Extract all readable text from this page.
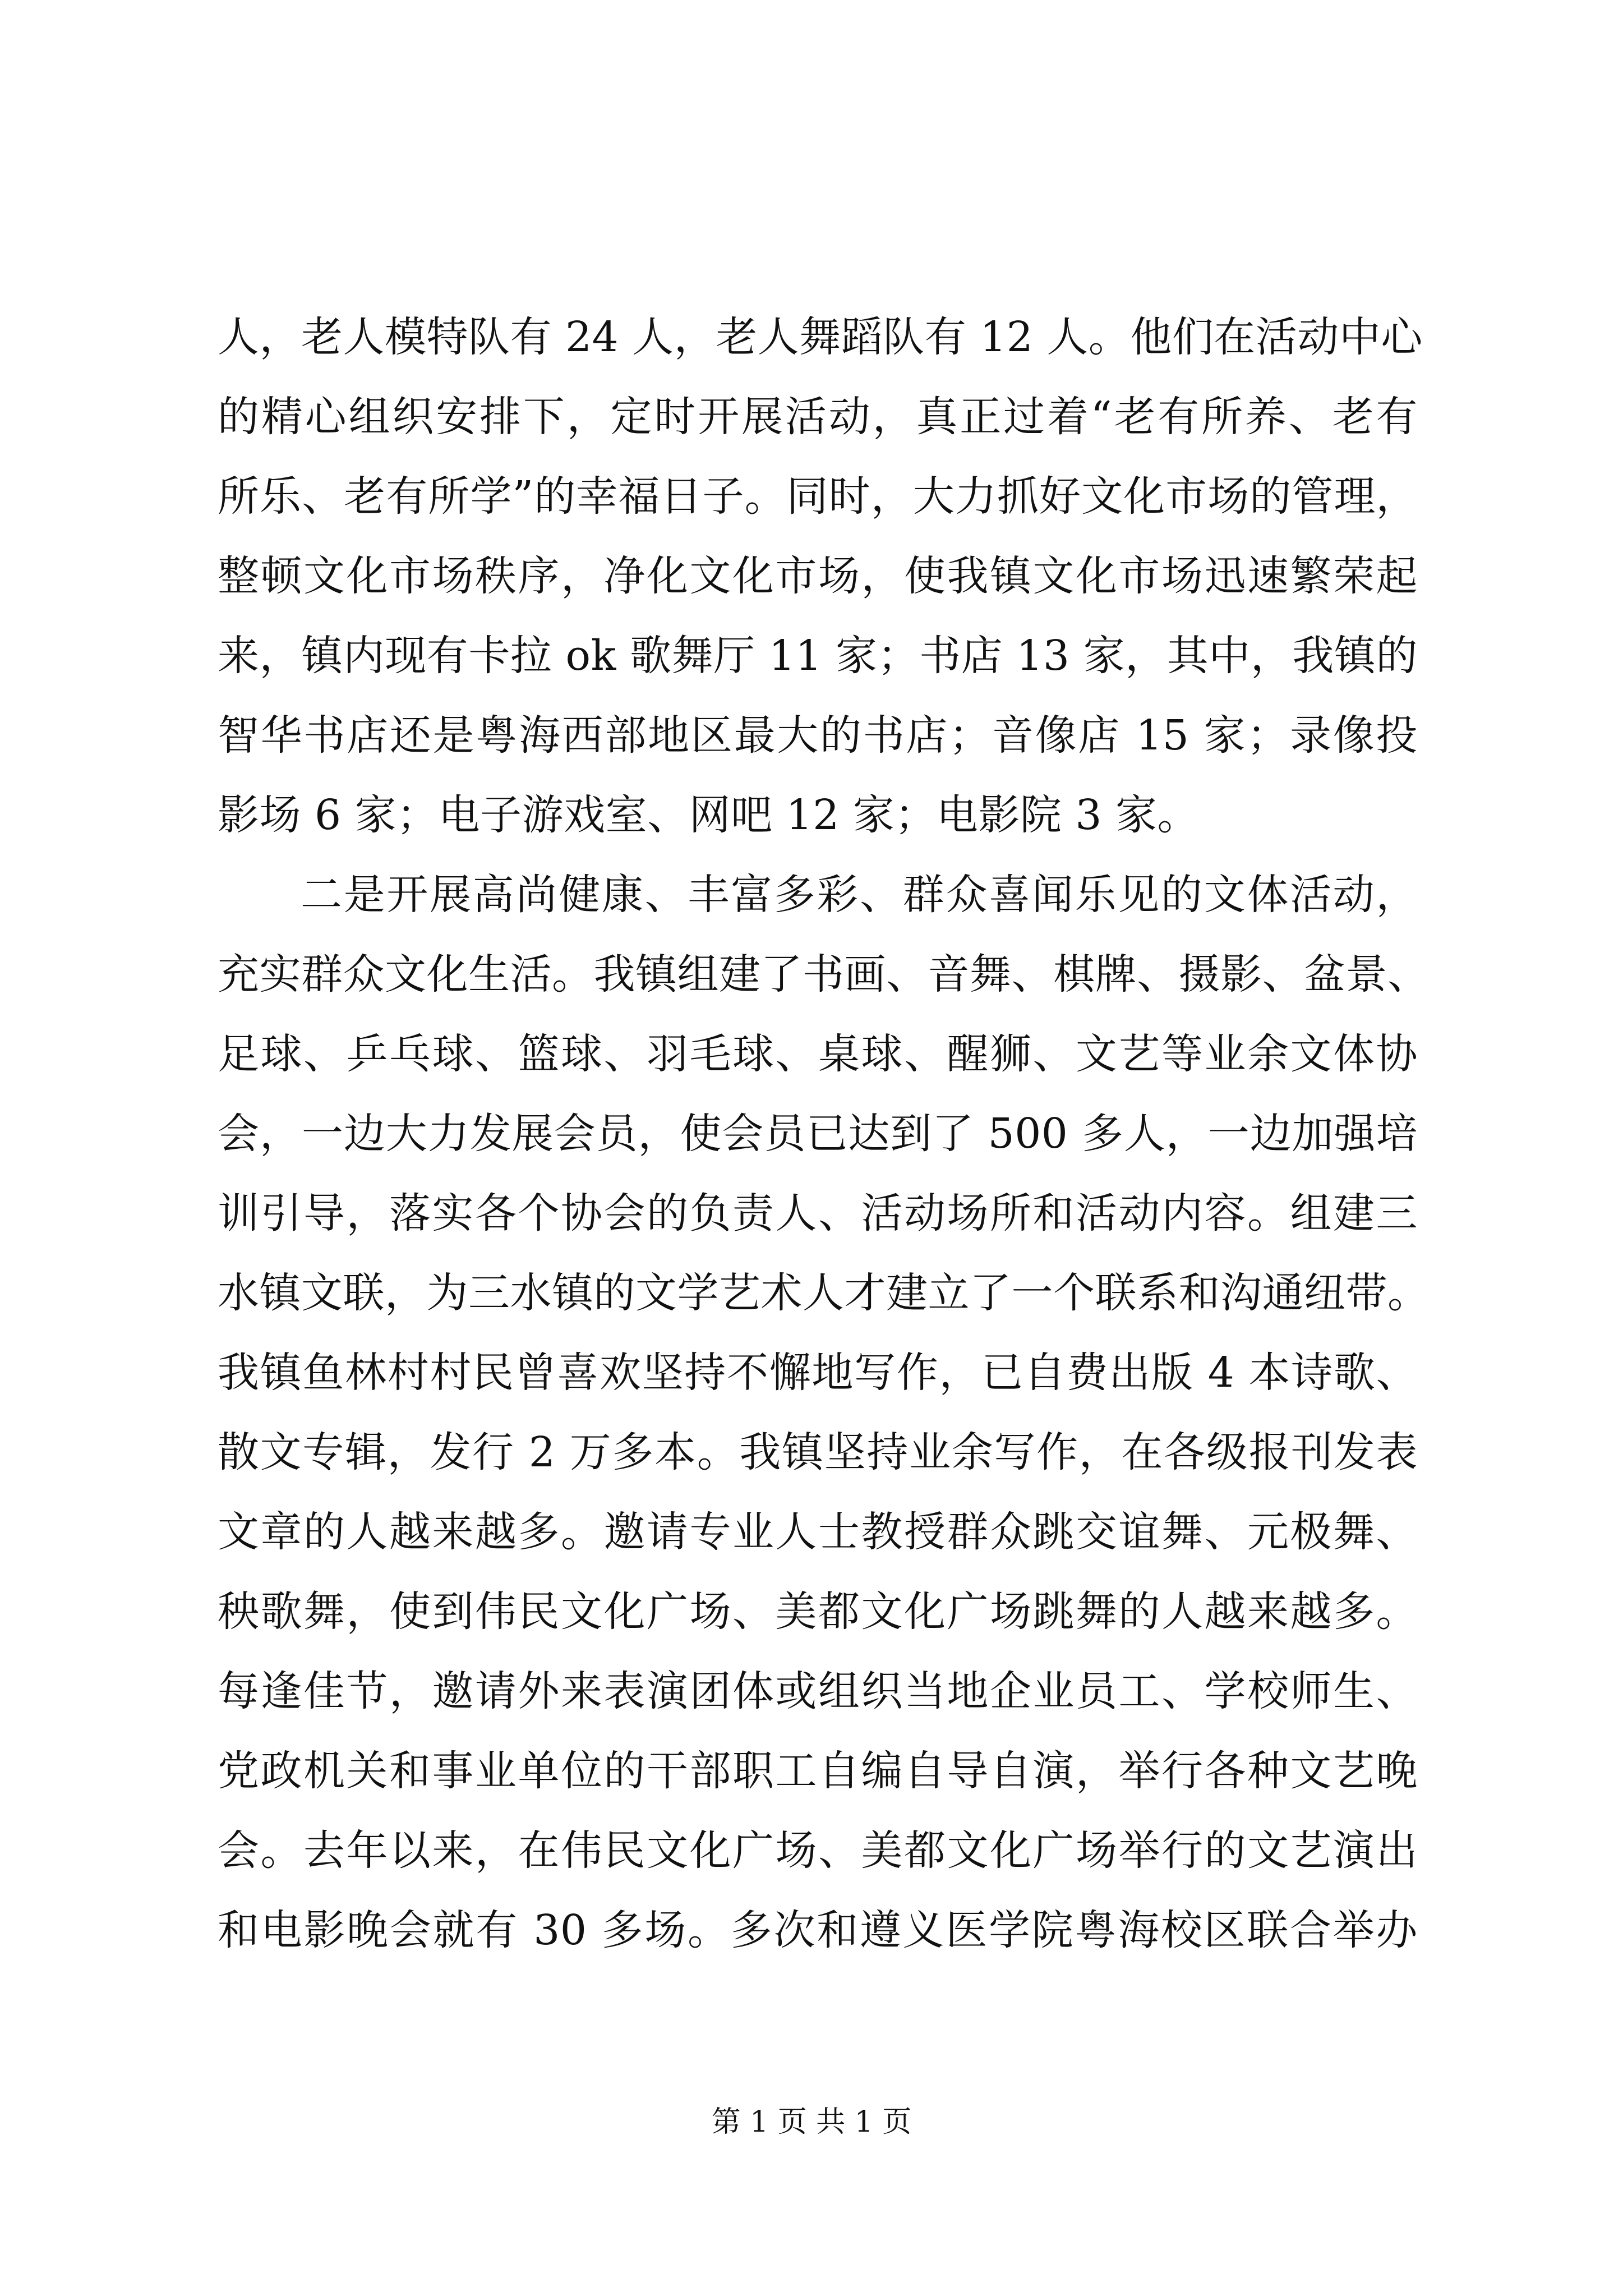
人，老人模特队有 24 人，老人舞蹈队有 12 人。他们在活动中心
的精心组织安排下，定时开展活动，真正过着“老有所养、老有
所乐、老有所学”的幸福日子。同时，大力抓好文化市场的管理，
整顿文化市场秩序，净化文化市场，使我镇文化市场迅速繁荣起
来，镇内现有卡拉 ok 歌舞厅 11 家；书店 13 家，其中，我镇的
智华书店还是粤海西部地区最大的书店；音像店 15 家；录像投
影场 6 家；电子游戏室、网吧 12 家；电影院 3 家。
二是开展高尚健康、丰富多彩、群众喜闻乐见的文体活动，
充实群众文化生活。我镇组建了书画、音舞、棋牌、摄影、盆景、
足球、乒乓球、篮球、羽毛球、桌球、醒狮、文艺等业余文体协
会，一边大力发展会员，使会员已达到了 500 多人，一边加强培
训引导，落实各个协会的负责人、活动场所和活动内容。组建三
水镇文联，为三水镇的文学艺术人才建立了一个联系和沟通纽带。
我镇鱼林村村民曾喜欢坚持不懈地写作，已自费出版 4 本诗歌、
散文专辑，发行 2 万多本。我镇坚持业余写作，在各级报刊发表
文章的人越来越多。邀请专业人士教授群众跳交谊舞、元极舞、
秧歌舞，使到伟民文化广场、美都文化广场跳舞的人越来越多。
每逢佳节，邀请外来表演团体或组织当地企业员工、学校师生、
党政机关和事业单位的干部职工自编自导自演，举行各种文艺晚
会。去年以来，在伟民文化广场、美都文化广场举行的文艺演出
和电影晚会就有 30 多场。多次和遵义医学院粤海校区联合举办
第 1 页 共 1 页
